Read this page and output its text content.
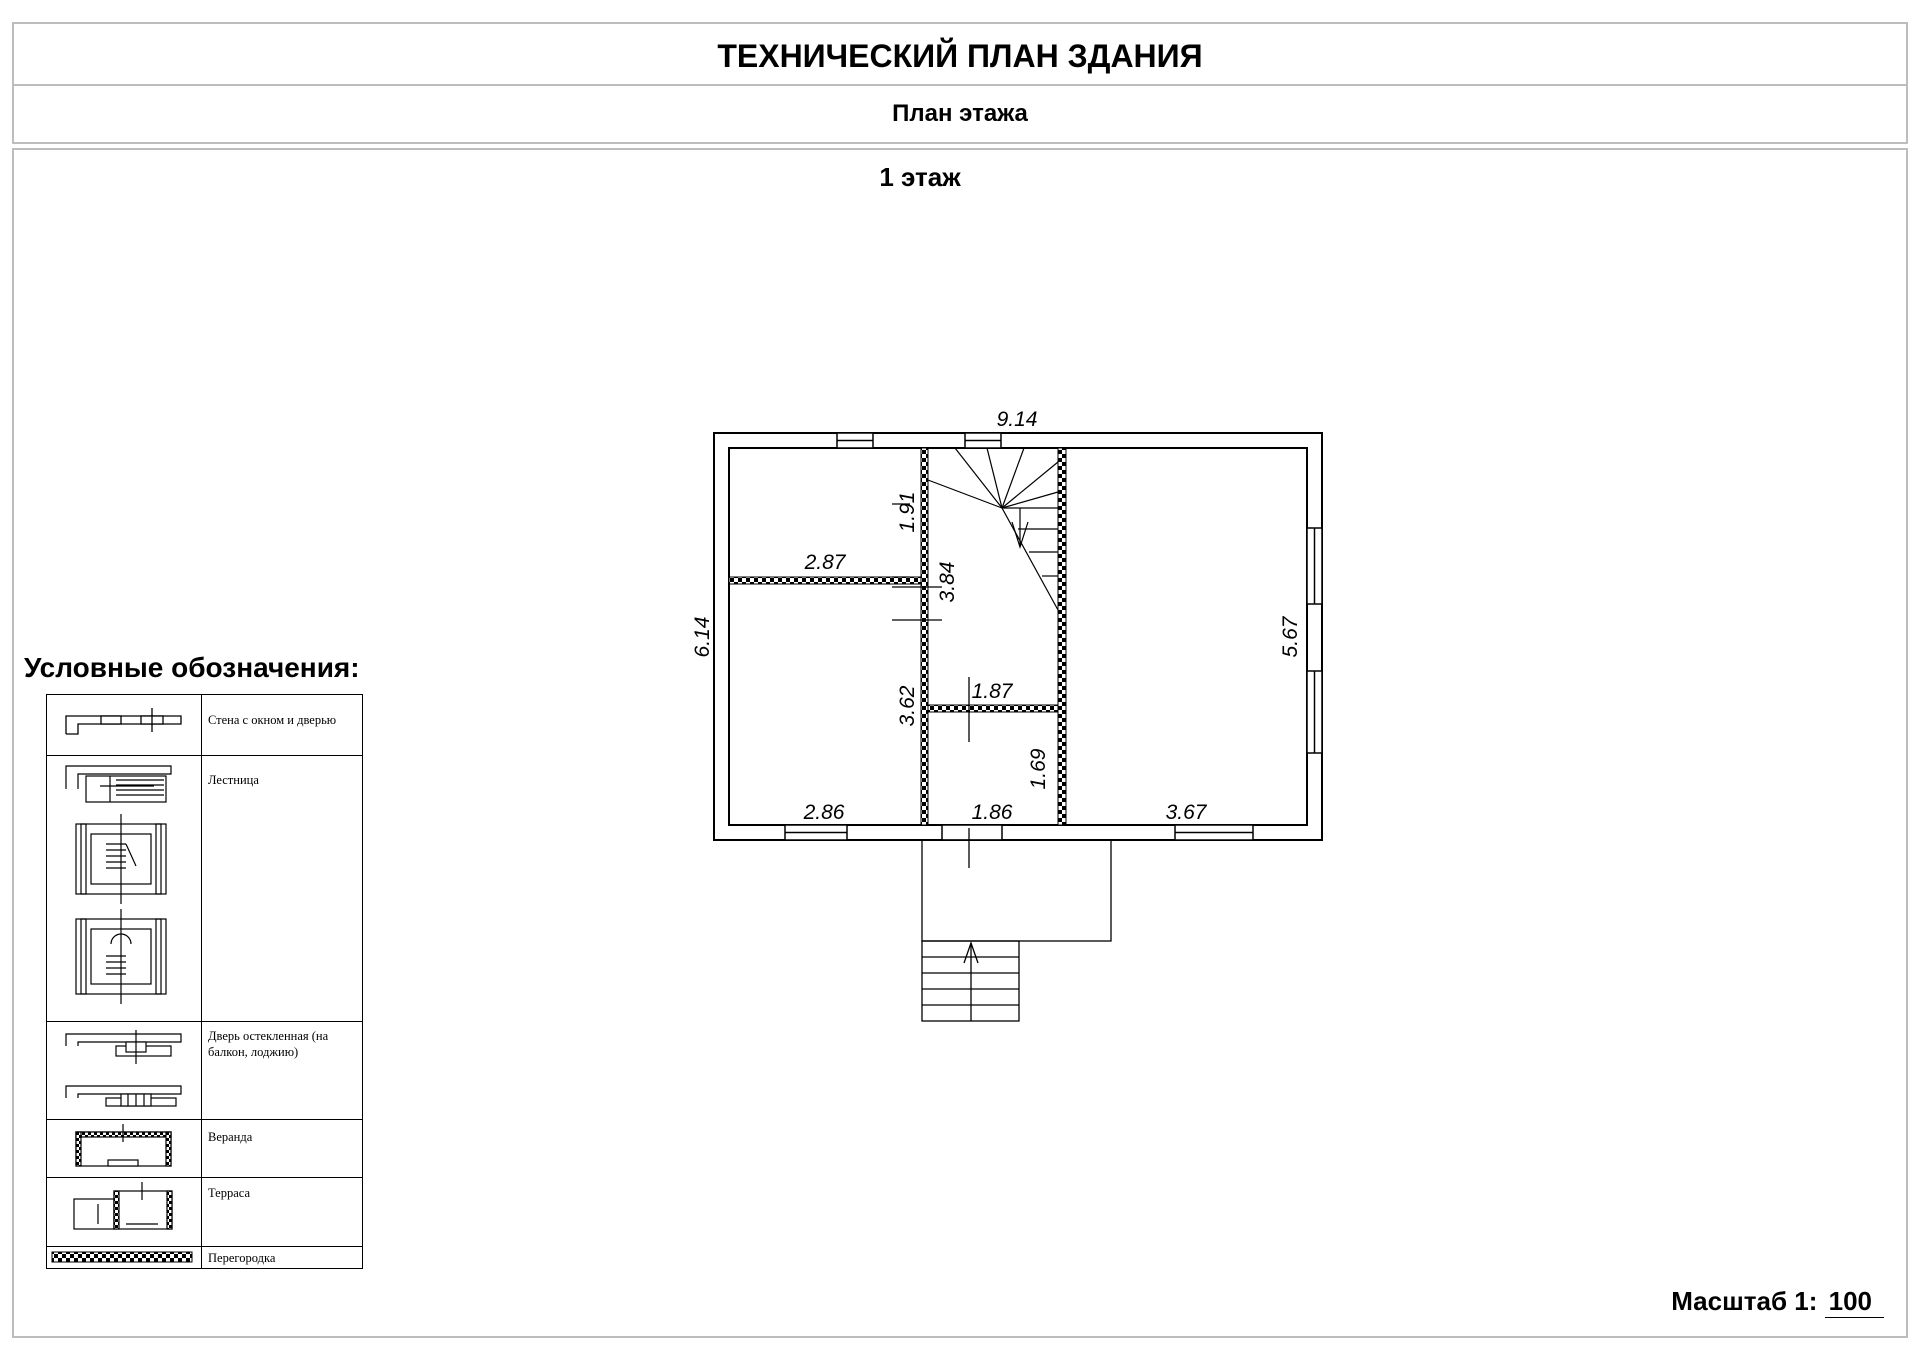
ТЕХНИЧЕСКИЙ ПЛАН ЗДАНИЯ
План этажа
1 этаж
9.14
6.14
2.87
1.91
3.84
3.62
2.86
1.87
1.86
1.69
3.67
5.67
Условные обозначения:
Стена с окном и дверью
Лестница
Дверь остекленная (на
балкон, лоджию)
Веранда
Терраса
Перегородка
Масштаб 1: 100
